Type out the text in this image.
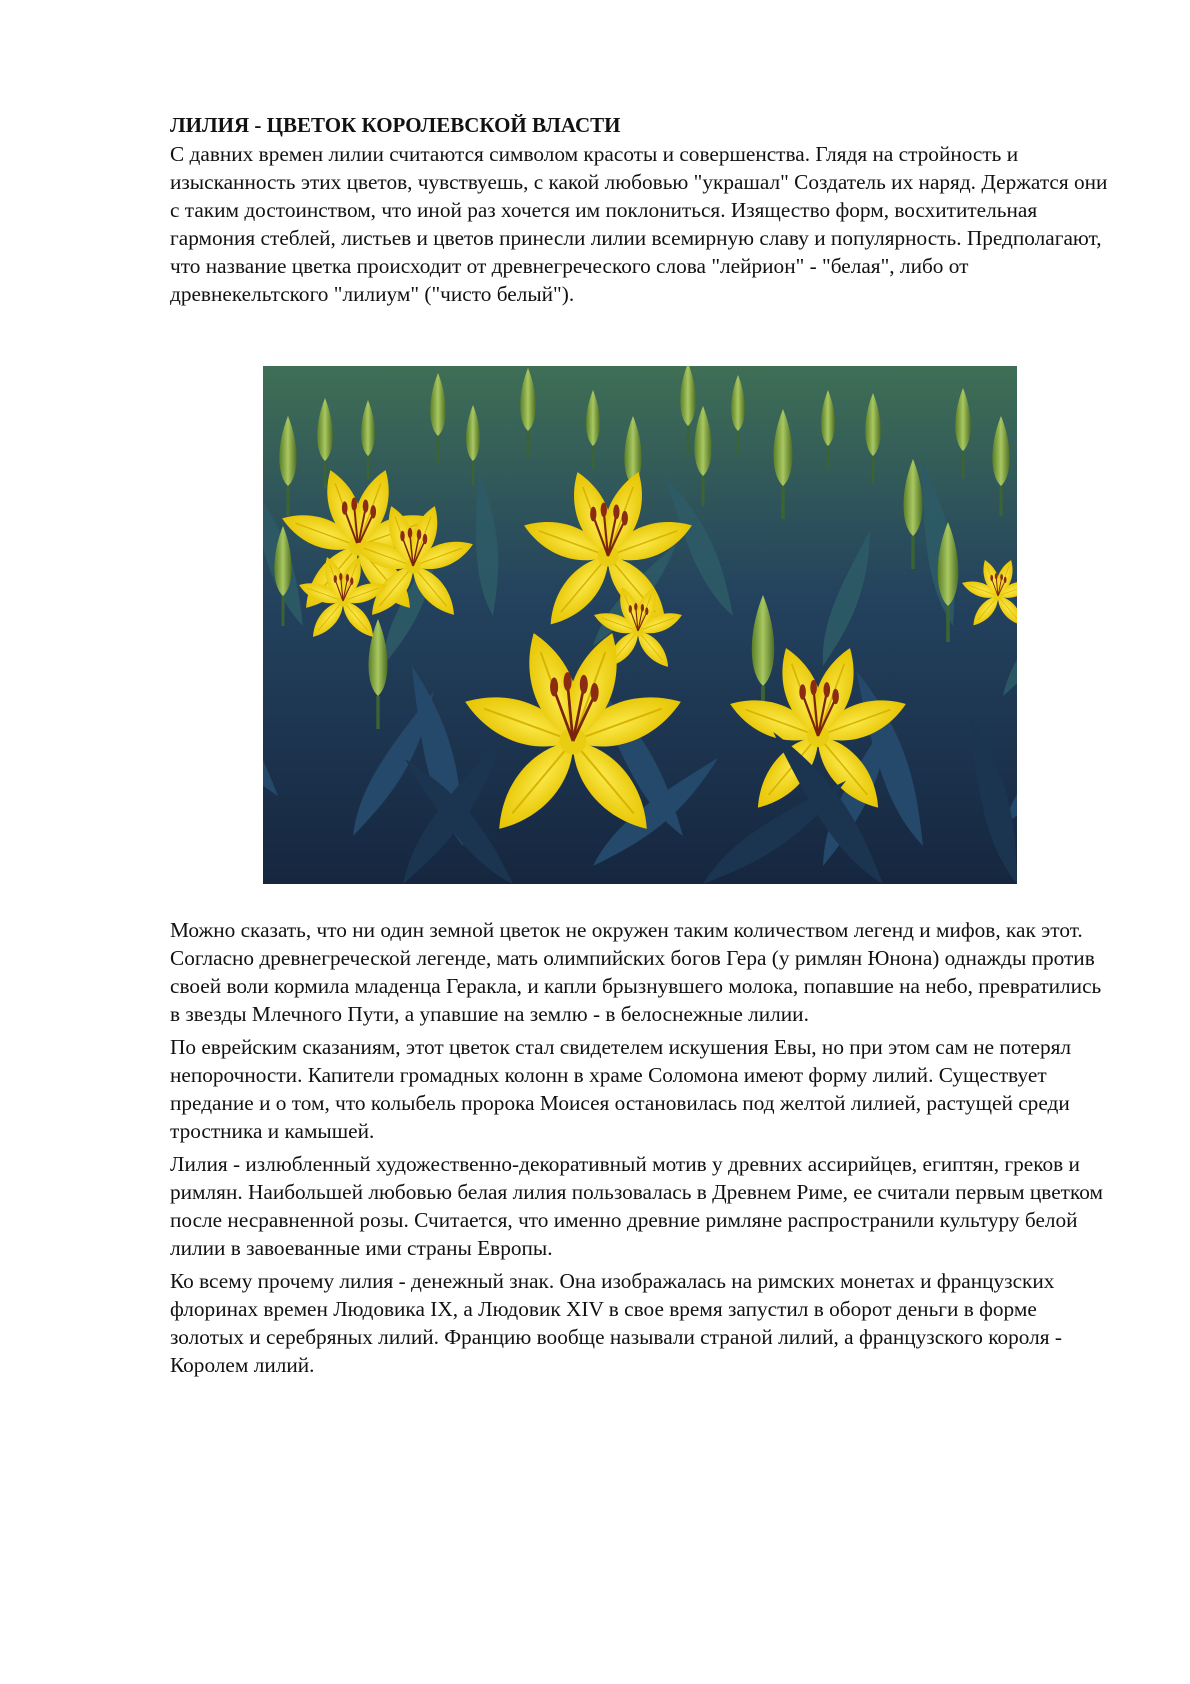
ЛИЛИЯ - ЦВЕТОК КОРОЛЕВСКОЙ ВЛАСТИ

С давних времен лилии считаются символом красоты и совершенства. Глядя на стройность и изысканность этих цветов, чувствуешь, с какой любовью "украшал" Создатель их наряд. Держатся они с таким достоинством, что иной раз хочется им поклониться. Изящество форм, восхитительная гармония стеблей, листьев и цветов принесли лилии всемирную славу и популярность. Предполагают, что название цветка происходит от древнегреческого слова "лейрион" - "белая", либо от древнекельтского "лилиум" ("чисто белый").

Можно сказать, что ни один земной цветок не окружен таким количеством легенд и мифов, как этот. Согласно древнегреческой легенде, мать олимпийских богов Гера (у римлян Юнона) однажды против своей воли кормила младенца Геракла, и капли брызнувшего молока, попавшие на небо, превратились в звезды Млечного Пути, а упавшие на землю - в белоснежные лилии.

По еврейским сказаниям, этот цветок стал свидетелем искушения Евы, но при этом сам не потерял непорочности. Капители громадных колонн в храме Соломона имеют форму лилий. Существует предание и о том, что колыбель пророка Моисея остановилась под желтой лилией, растущей среди тростника и камышей.

Лилия - излюбленный художественно-декоративный мотив у древних ассирийцев, египтян, греков и римлян. Наибольшей любовью белая лилия пользовалась в Древнем Риме, ее считали первым цветком после несравненной розы. Считается, что именно древние римляне распространили культуру белой лилии в завоеванные ими страны Европы.

Ко всему прочему лилия - денежный знак. Она изображалась на римских монетах и французских флоринах времен Людовика IX, а Людовик XIV в свое время запустил в оборот деньги в форме золотых и серебряных лилий. Францию вообще называли страной лилий, а французского короля - Королем лилий.
